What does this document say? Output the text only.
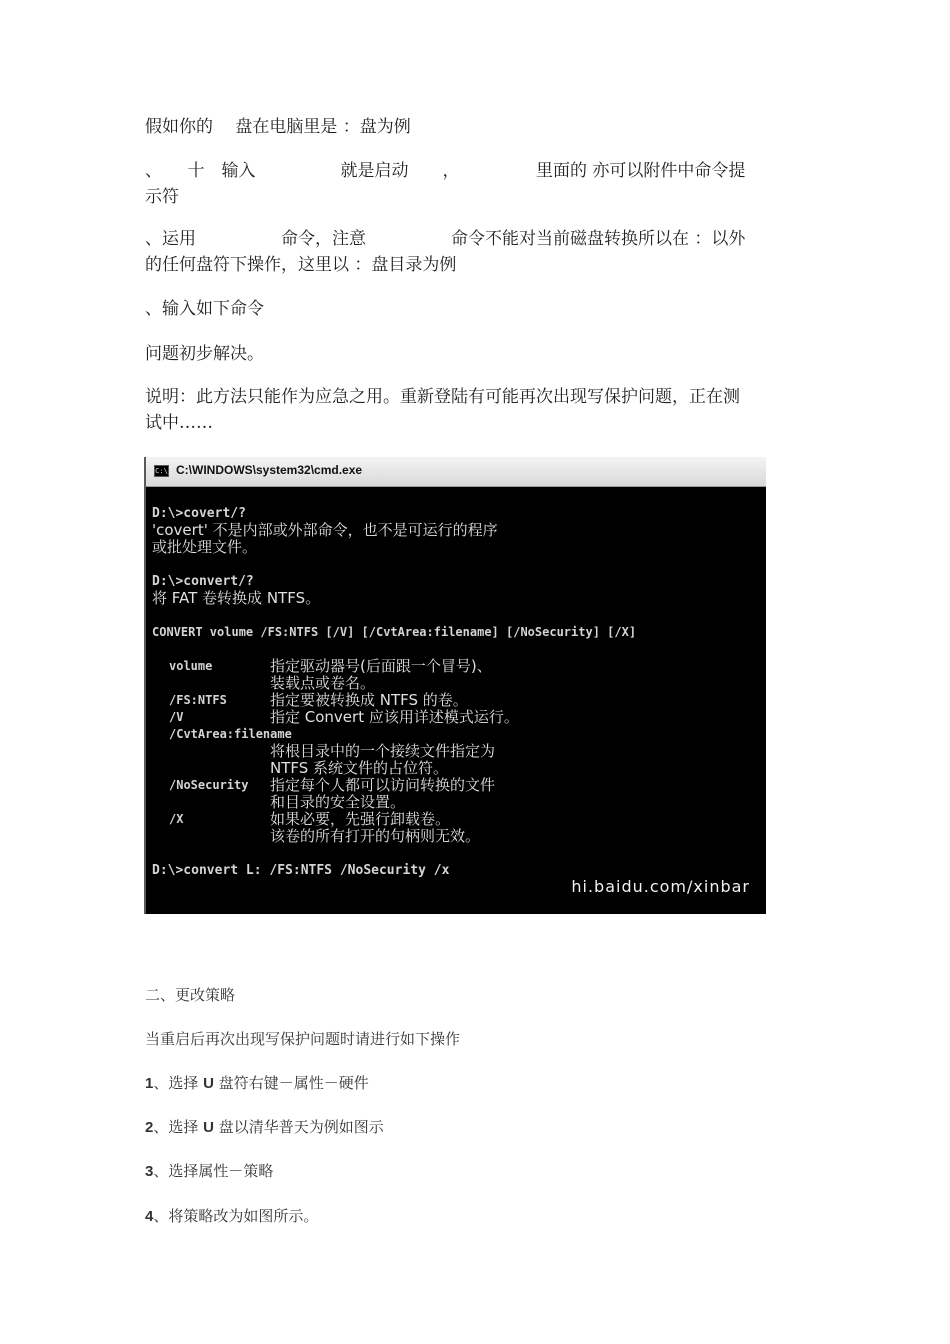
假如你的　 盘在电脑里是 ：盘为例
、　　十　输入　　　　　就是启动　　，　　　　　里面的 亦可以附件中命令提
示符
、运用　　　　　命令，注意　　　　　命令不能对当前磁盘转换所以在 ：以外
的任何盘符下操作，这里以 ：盘目录为例
、输入如下命令
问题初步解决。
说明：此方法只能作为应急之用。重新登陆有可能再次出现写保护问题，正在测
试中……
C:\ C:\WINDOWS\system32\cmd.exe
D:\>covert/?
'covert' 不是内部或外部命令，也不是可运行的程序
或批处理文件。
D:\>convert/?
将 FAT 卷转换成 NTFS。
CONVERT volume /FS:NTFS [/V] [/CvtArea:filename] [/NoSecurity] [/X]
volume	指定驱动器号(后面跟一个冒号)、
装载点或卷名。
/FS:NTFS	指定要被转换成 NTFS 的卷。
/V	指定 Convert 应该用详述模式运行。
/CvtArea:filename
将根目录中的一个接续文件指定为
NTFS 系统文件的占位符。
/NoSecurity 指定每个人都可以访问转换的文件
和目录的安全设置。
/X	如果必要，先强行卸载卷。
该卷的所有打开的句柄则无效。
D:\>convert L: /FS:NTFS /NoSecurity /x
hi.baidu.com/xinbar
二、更改策略
当重启后再次出现写保护问题时请进行如下操作
1、选择 U 盘符右键－属性－硬件
2、选择 U 盘以清华普天为例如图示
3、选择属性－策略
4、将策略改为如图所示。
